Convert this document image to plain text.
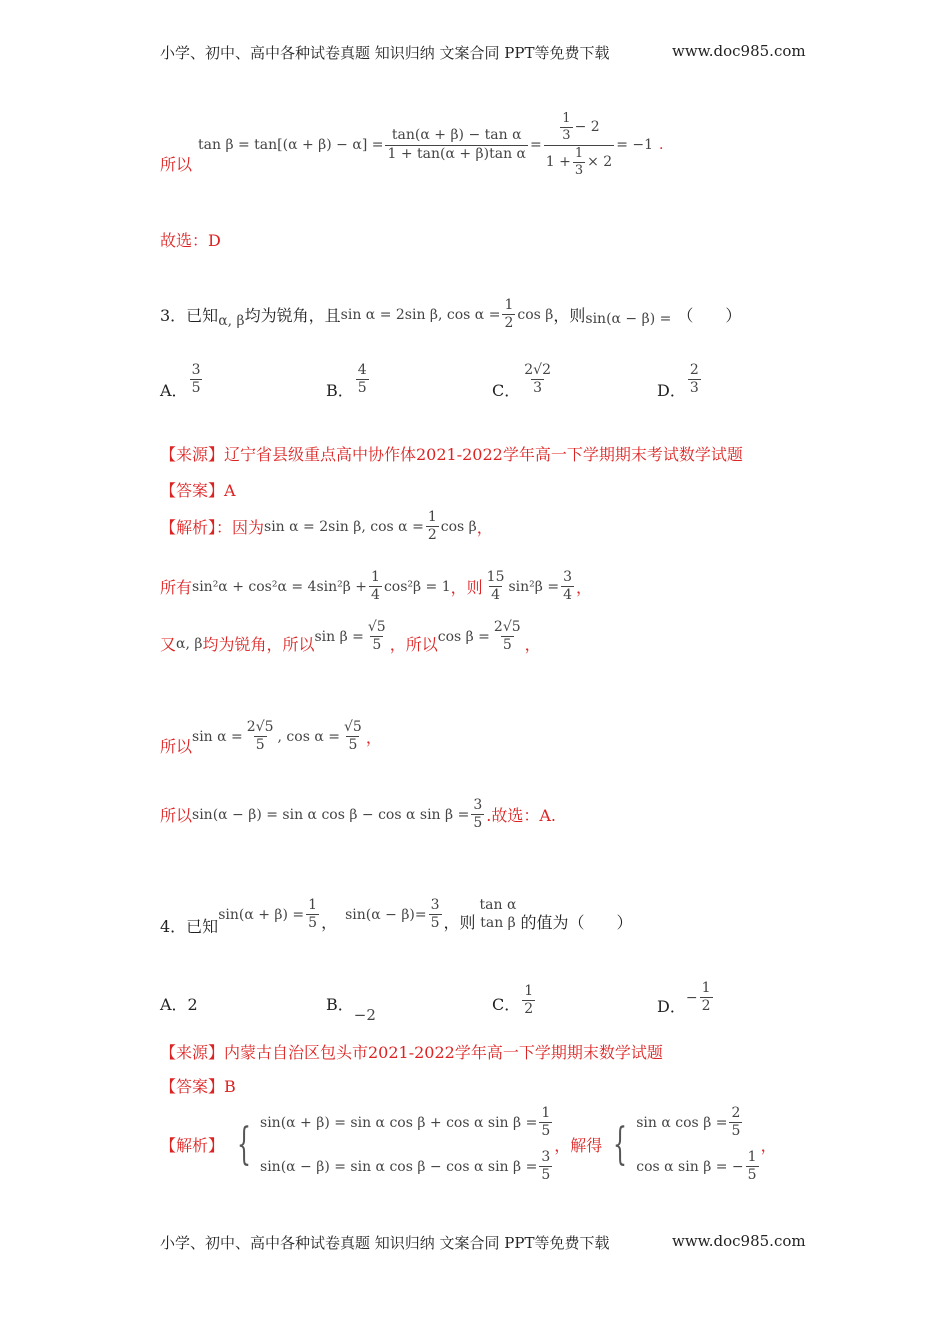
小学、初中、高中各种试卷真题 知识归纳 文案合同 PPT等免费下载	www.doc985.com
所以
$\tan \beta = \tan[(\alpha + \beta) - \alpha] = \frac{\text{tan(α + β) − tan α}}{\text{1 + tan(α + β)tan α}} = \frac{\frac{1}{3} - 2}{1 + \frac{1}{3} \times 2} = -1$ .
故选：D
3．已知 α, β 均为锐角，且 sin α = 2sin β, $\cos \alpha = \frac{1}{2}$ cos β ，则 sin(α − β) = （　　）
A． $\frac{3}{5}$	B． $\frac{4}{5}$	C． $\frac{2√2}{3}$	D． $\frac{2}{3}$
【来源】辽宁省县级重点高中协作体2021-2022学年高一下学期期末考试数学试题
【答案】A
【解析】：因为 sin α = 2sin β, $\cos \alpha = \frac{1}{2}$ cos β ，
所有 $\sin^2\alpha + \cos^2\alpha = 4\sin^2\beta + \frac{1}{4} \cos^2\beta = 1$ ，则 $\frac{15}{4} \sin^2\beta = \frac{3}{4}$ ，
又 α, β 均为锐角，所以 $\sin \beta = \frac{√5}{5}$ ，所以 $\cos \beta = \frac{2√5}{5}$ ，
所以
$\sin \alpha = \frac{2√5}{5}$ , $\cos \alpha = \frac{√5}{5}$ ，
所以 sin(α − β) = sin α cos β − cos α $\sin \beta = \frac{3}{5}$ .故选：A.
4．已知
$\sin(\alpha + \beta) = \frac{1}{5}$ ， $\sin(\alpha - \beta)= \frac{3}{5}$ ，则
tan α
tan β 的值为（　　）
A．2	B．
−2
C． $\frac{1}{2}$	D． − $\frac{1}{2}$
【来源】内蒙古自治区包头市2021-2022学年高一下学期期末数学试题
【答案】B
【解析】 { sin(α + β) = sin α cos β + cos α $\sin \beta = \frac{1}{5}$
sin(α − β) = sin α cos β − cos α $\sin \beta = \frac{3}{5}$
，解得 { sin α $\cos \beta = \frac{2}{5}$
cos α sin β = − $\frac{1}{5}$
，
小学、初中、高中各种试卷真题 知识归纳 文案合同 PPT等免费下载	www.doc985.com
